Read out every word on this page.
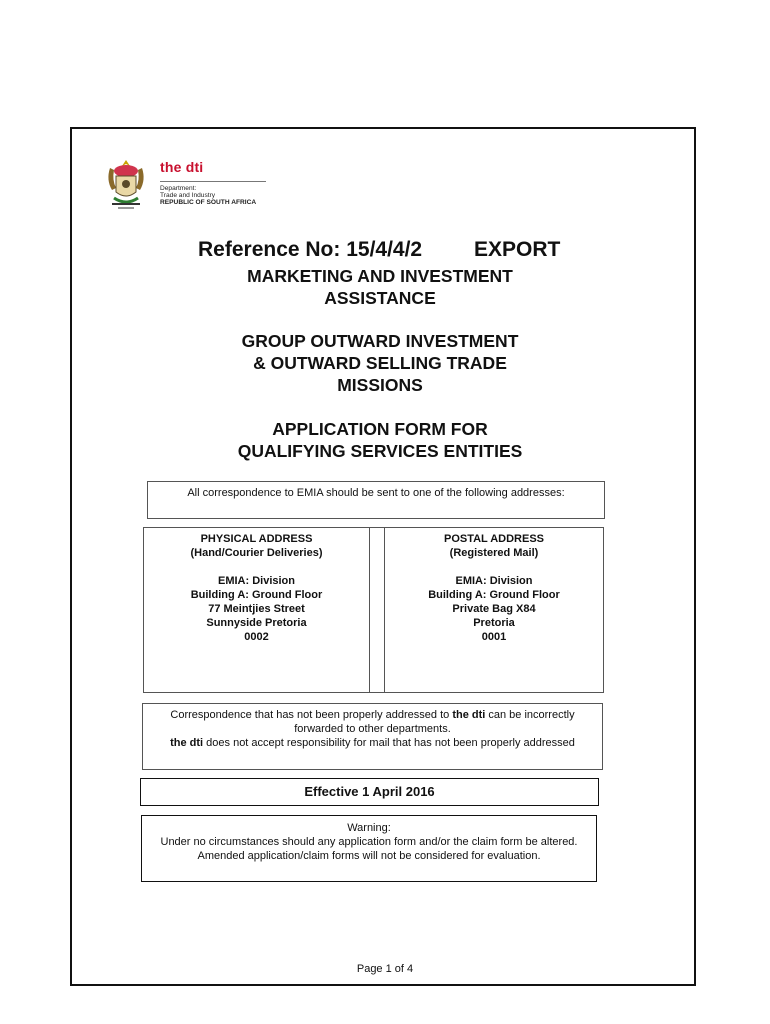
the dti
Department:
Trade and Industry
REPUBLIC OF SOUTH AFRICA
Reference No: 15/4/4/2 EXPORT
MARKETING AND INVESTMENT
ASSISTANCE
GROUP OUTWARD INVESTMENT
& OUTWARD SELLING TRADE
MISSIONS
APPLICATION FORM FOR
QUALIFYING SERVICES ENTITIES
All correspondence to EMIA should be sent to one of the following addresses:
PHYSICAL ADDRESS
(Hand/Courier Deliveries)
EMIA: Division
Building A: Ground Floor
77 Meintjies Street
Sunnyside Pretoria
0002
POSTAL ADDRESS
(Registered Mail)
EMIA: Division
Building A: Ground Floor
Private Bag X84
Pretoria
0001
Correspondence that has not been properly addressed to the dti can be incorrectly forwarded to other departments.
the dti does not accept responsibility for mail that has not been properly addressed
Effective 1 April 2016
Warning:
Under no circumstances should any application form and/or the claim form be altered. Amended application/claim forms will not be considered for evaluation.
Page 1 of 4
